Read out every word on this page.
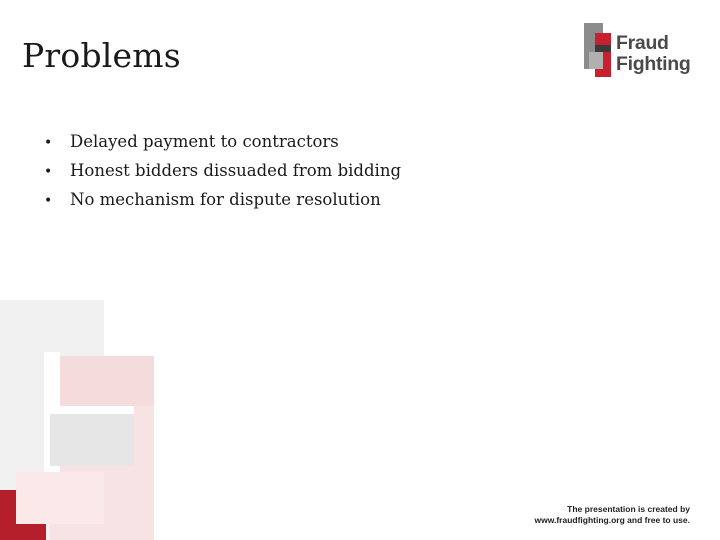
Problems
•	Delayed payment to contractors
•	Honest bidders dissuaded from bidding
•	No mechanism for dispute resolution
Fraud
Fighting
The presentation is created by
www.fraudfighting.org and free to use.
